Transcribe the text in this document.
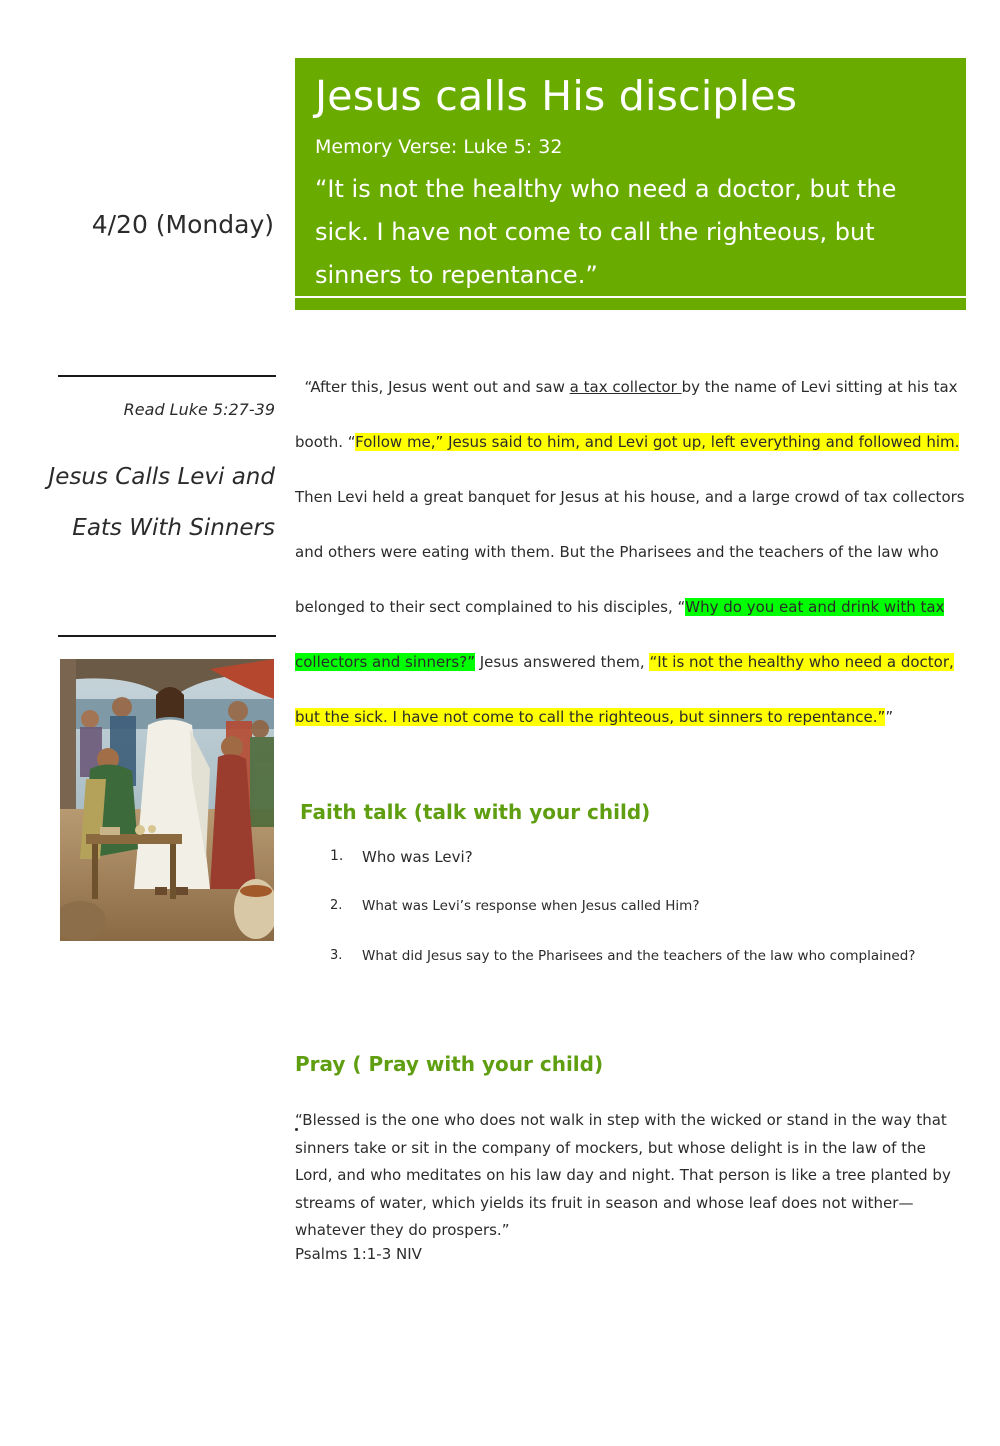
Jesus calls His disciples
Memory Verse: Luke 5: 32
“It is not the healthy who need a doctor, but the sick. I have not come to call the righteous, but sinners to repentance.”
4/20 (Monday)
Read Luke 5:27-39
Jesus Calls Levi and
Eats With Sinners
“After this, Jesus went out and saw a tax collector by the name of Levi sitting at his tax booth. “Follow me,” Jesus said to him, and Levi got up, left everything and followed him. Then Levi held a great banquet for Jesus at his house, and a large crowd of tax collectors and others were eating with them. But the Pharisees and the teachers of the law who belonged to their sect complained to his disciples, “Why do you eat and drink with tax collectors and sinners?” Jesus answered them, “It is not the healthy who need a doctor, but the sick. I have not come to call the righteous, but sinners to repentance.””
Faith talk (talk with your child)
1.	Who was Levi?
2.	What was Levi’s response when Jesus called Him?
3.	What did Jesus say to the Pharisees and the teachers of the law who complained?
Pray ( Pray with your child)
“Blessed is the one who does not walk in step with the wicked or stand in the way that sinners take or sit in the company of mockers, but whose delight is in the law of the Lord, and who meditates on his law day and night. That person is like a tree planted by streams of water, which yields its fruit in season and whose leaf does not wither— whatever they do prospers.”
Psalms 1:1-3 NIV
